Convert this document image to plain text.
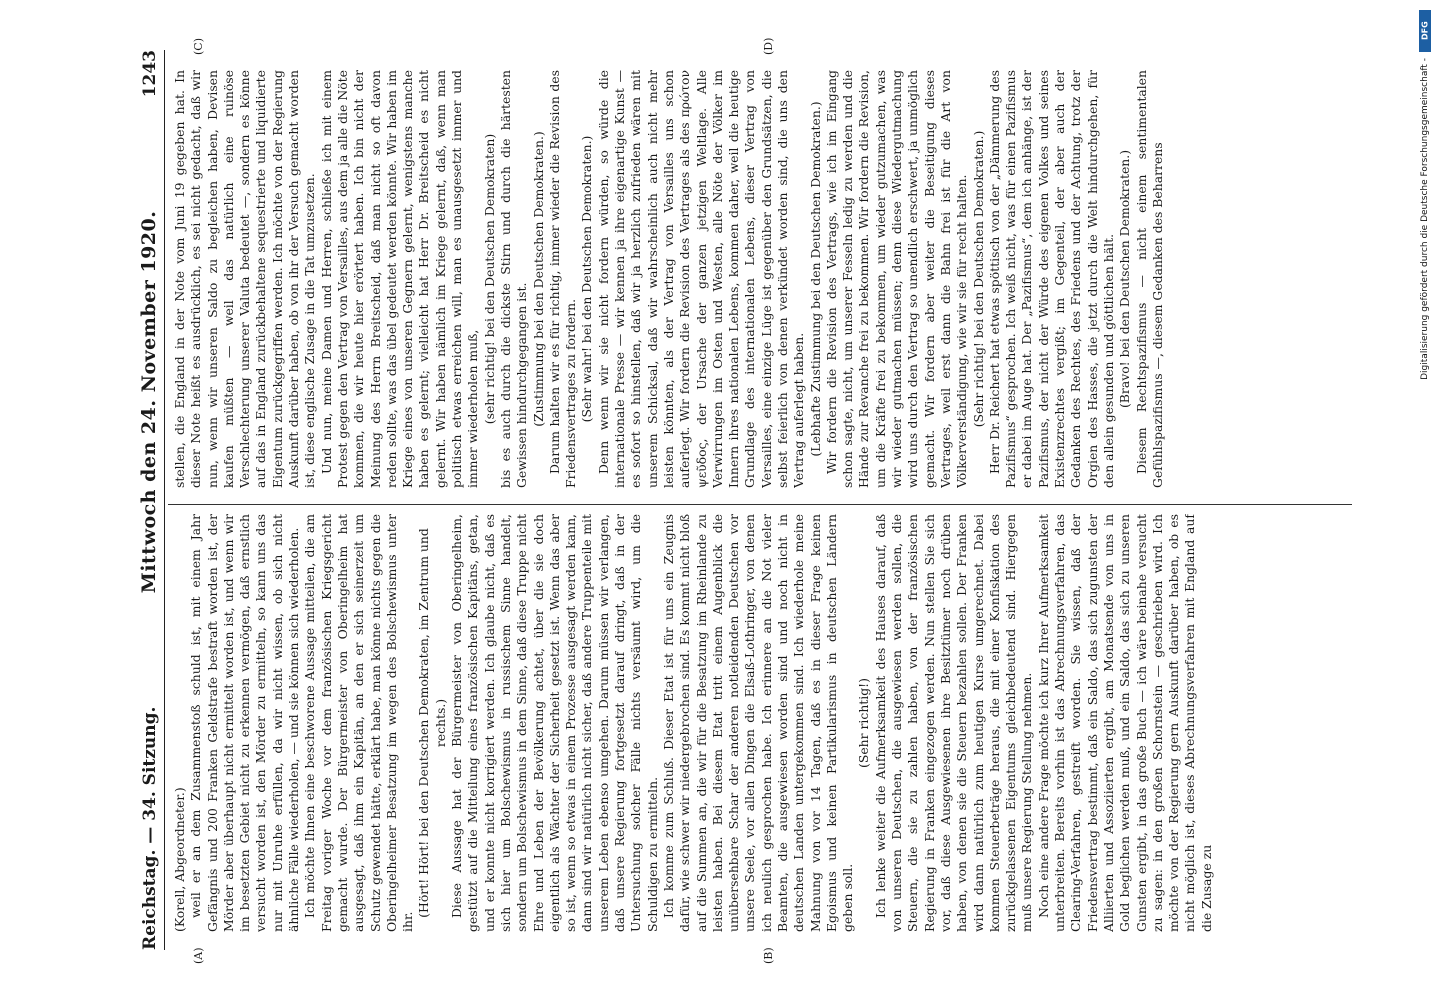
Reichstag. — 34. Sitzung.
Mittwoch den 24. November 1920.
1243
(A)	(B)
(C)	(D)

(Korell, Abgeordneter.) weil er an dem Zusammenstoß schuld ist, mit einem Jahr Gefängnis und 200 Franken Geldstrafe bestraft worden ist, der Mörder aber überhaupt nicht ermittelt worden ist, und wenn wir im besetzten Gebiet nicht zu erkennen vermögen, daß ernstlich versucht worden ist, den Mörder zu ermitteln, so kann uns das nur mit Unruhe erfüllen, da wir nicht wissen, ob sich nicht ähnliche Fälle wiederholen, — und sie können sich wiederholen. Ich möchte Ihnen eine beschworene Aussage mitteilen, die am Freitag voriger Woche vor dem französischen Kriegsgericht gemacht wurde. Der Bürgermeister von Oberingelheim hat ausgesagt, daß ihm ein Kapitän, an den er sich seinerzeit um Schutz gewendet hätte, erklärt habe, man könne nichts gegen die Oberingelheimer Besatzung im wegen des Bolschewismus unter ihr.

(Hört! Hört! bei den Deutschen Demokraten, im Zentrum und rechts.) Diese Aussage hat der Bürgermeister von Oberingelheim, gestützt auf die Mitteilung eines französischen Kapitäns, getan, und er konnte nicht korrigiert werden. Ich glaube nicht, daß es sich hier um Bolschewismus in russischem Sinne handelt, sondern um Bolschewismus in dem Sinne, daß diese Truppe nicht Ehre und Leben der Bevölkerung achtet, über die sie doch eigentlich als Wächter der Sicherheit gesetzt ist. Wenn das aber so ist, wenn so etwas in einem Prozesse ausgesagt werden kann, dann sind wir natürlich nicht sicher, daß andere Truppenteile mit unserem Leben ebenso umgehen. Darum müssen wir verlangen, daß unsere Regierung fortgesetzt darauf dringt, daß in der Untersuchung solcher Fälle nichts versäumt wird, um die Schuldigen zu ermitteln. Ich komme zum Schluß. Dieser Etat ist für uns ein Zeugnis dafür, wie schwer wir niedergebrochen sind. Es kommt nicht bloß auf die Summen an, die wir für die Besatzung im Rheinlande zu leisten haben. Bei diesem Etat tritt einem Augenblick die unübersehbare Schar der anderen notleidenden Deutschen vor unsere Seele, vor allen Dingen die Elsaß-Lothringer, von denen ich neulich gesprochen habe. Ich erinnere an die Not vieler Beamten, die ausgewiesen worden sind und noch nicht in deutschen Landen untergekommen sind. Ich wiederhole meine Mahnung von vor 14 Tagen, daß es in dieser Frage keinen Egoismus und keinen Partikularismus in deutschen Ländern geben soll.

(Sehr richtig!) Ich lenke weiter die Aufmerksamkeit des Hauses darauf, daß von unseren Deutschen, die ausgewiesen werden sollen, die Steuern, die sie zu zahlen haben, von der französischen Regierung in Franken eingezogen werden. Nun stellen Sie sich vor, daß diese Ausgewiesenen ihre Besitztümer noch drüben haben, von denen sie die Steuern bezahlen sollen. Der Franken wird dann natürlich zum heutigen Kurse umgerechnet. Dabei kommen Steuerbeträge heraus, die mit einer Konfiskation des zurückgelassenen Eigentums gleichbedeutend sind. Hiergegen muß unsere Regierung Stellung nehmen. Noch eine andere Frage möchte ich kurz Ihrer Aufmerksamkeit unterbreiten. Bereits vorhin ist das Abrechnungsverfahren, das Clearing-Verfahren, gestreift worden. Sie wissen, daß der Friedensvertrag bestimmt, daß ein Saldo, das sich zugunsten der Alliierten und Assoziierten ergibt, am Monatsende von uns in Gold beglichen werden muß, und ein Saldo, das sich zu unseren Gunsten ergibt, in das große Buch — ich wäre beinahe versucht zu sagen: in den großen Schornstein — geschrieben wird. Ich möchte von der Regierung gern Auskunft darüber haben, ob es nicht möglich ist, dieses Abrechnungsverfahren mit England auf die Zusage zu

stellen, die England in der Note vom Juni 19 gegeben hat. In dieser Note heißt es ausdrücklich, es sei nicht gedacht, daß wir nun, wenn wir unseren Saldo zu begleichen haben, Devisen kaufen müßten — weil das natürlich eine ruinöse Verschlechterung unserer Valuta bedeutet —, sondern es könne auf das in England zurückbehaltene sequestrierte und liquidierte Eigentum zurückgegriffen werden. Ich möchte von der Regierung Auskunft darüber haben, ob von ihr der Versuch gemacht worden ist, diese englische Zusage in die Tat umzusetzen. Und nun, meine Damen und Herren, schließe ich mit einem Protest gegen den Vertrag von Versailles, aus dem ja alle die Nöte kommen, die wir heute hier erörtert haben. Ich bin nicht der Meinung des Herrn Breitscheid, daß man nicht so oft davon reden sollte, was das übel gedeutet werden könnte. Wir haben im Kriege eines von unseren Gegnern gelernt, wenigstens manche haben es gelernt; vielleicht hat Herr Dr. Breitscheid es nicht gelernt. Wir haben nämlich im Kriege gelernt, daß, wenn man politisch etwas erreichen will, man es unausgesetzt immer und immer wiederholen muß, (sehr richtig! bei den Deutschen Demokraten) bis es auch durch die dickste Stirn und durch die härtesten Gewissen hindurchgegangen ist. (Zustimmung bei den Deutschen Demokraten.) Darum halten wir es für richtig, immer wieder die Revision des Friedensvertrages zu fordern. (Sehr wahr! bei den Deutschen Demokraten.) Denn wenn wir sie nicht fordern würden, so würde die internationale Presse — wir kennen ja ihre eigenartige Kunst — es sofort so hinstellen, daß wir ja herzlich zufrieden wären mit unserem Schicksal, daß wir wahrscheinlich auch nicht mehr leisten könnten, als der Vertrag von Versailles uns schon auferlegt. Wir fordern die Revision des Vertrages als des πρώτον ψεῦδος, der Ursache der ganzen jetzigen Weltlage. Alle Verwirrungen im Osten und Westen, alle Nöte der Völker im Innern ihres nationalen Lebens, kommen daher, weil die heutige Grundlage des internationalen Lebens, dieser Vertrag von Versailles, eine einzige Lüge ist gegenüber den Grundsätzen, die selbst feierlich von denen verkündet worden sind, die uns den Vertrag auferlegt haben. (Lebhafte Zustimmung bei den Deutschen Demokraten.) Wir fordern die Revision des Vertrags, wie ich im Eingang schon sagte, nicht, um unserer Fesseln ledig zu werden und die Hände zur Revanche frei zu bekommen. Wir fordern die Revision, um die Kräfte frei zu bekommen, um wieder gutzumachen, was wir wieder gutmachen müssen; denn diese Wiedergutmachung wird uns durch den Vertrag so unendlich erschwert, ja unmöglich gemacht. Wir fordern aber weiter die Beseitigung dieses Vertrages, weil erst dann die Bahn frei ist für die Art von Völkerverständigung, wie wir sie für recht halten. (Sehr richtig! bei den Deutschen Demokraten.) Herr Dr. Reichert hat etwas spöttisch von der „Dämmerung des Pazifismus“ gesprochen. Ich weiß nicht, was für einen Pazifismus er dabei im Auge hat. Der „Pazifismus“, dem ich anhänge, ist der Pazifismus, der nicht der Würde des eigenen Volkes und seines Existenzrechtes vergißt; im Gegenteil, der aber auch der Gedanken des Rechtes, des Friedens und der Achtung, trotz der Orgien des Hasses, die jetzt durch die Welt hindurchgehen, für den allein gesunden und göttlichen hält. (Bravo! bei den Deutschen Demokraten.) Diesem Rechtspazifismus — nicht einem sentimentalen Gefühlspazifismus —, diesem Gedanken des Beharrens

DFG
Digitalisierung gefördert durch die Deutsche Forschungsgemeinschaft -
